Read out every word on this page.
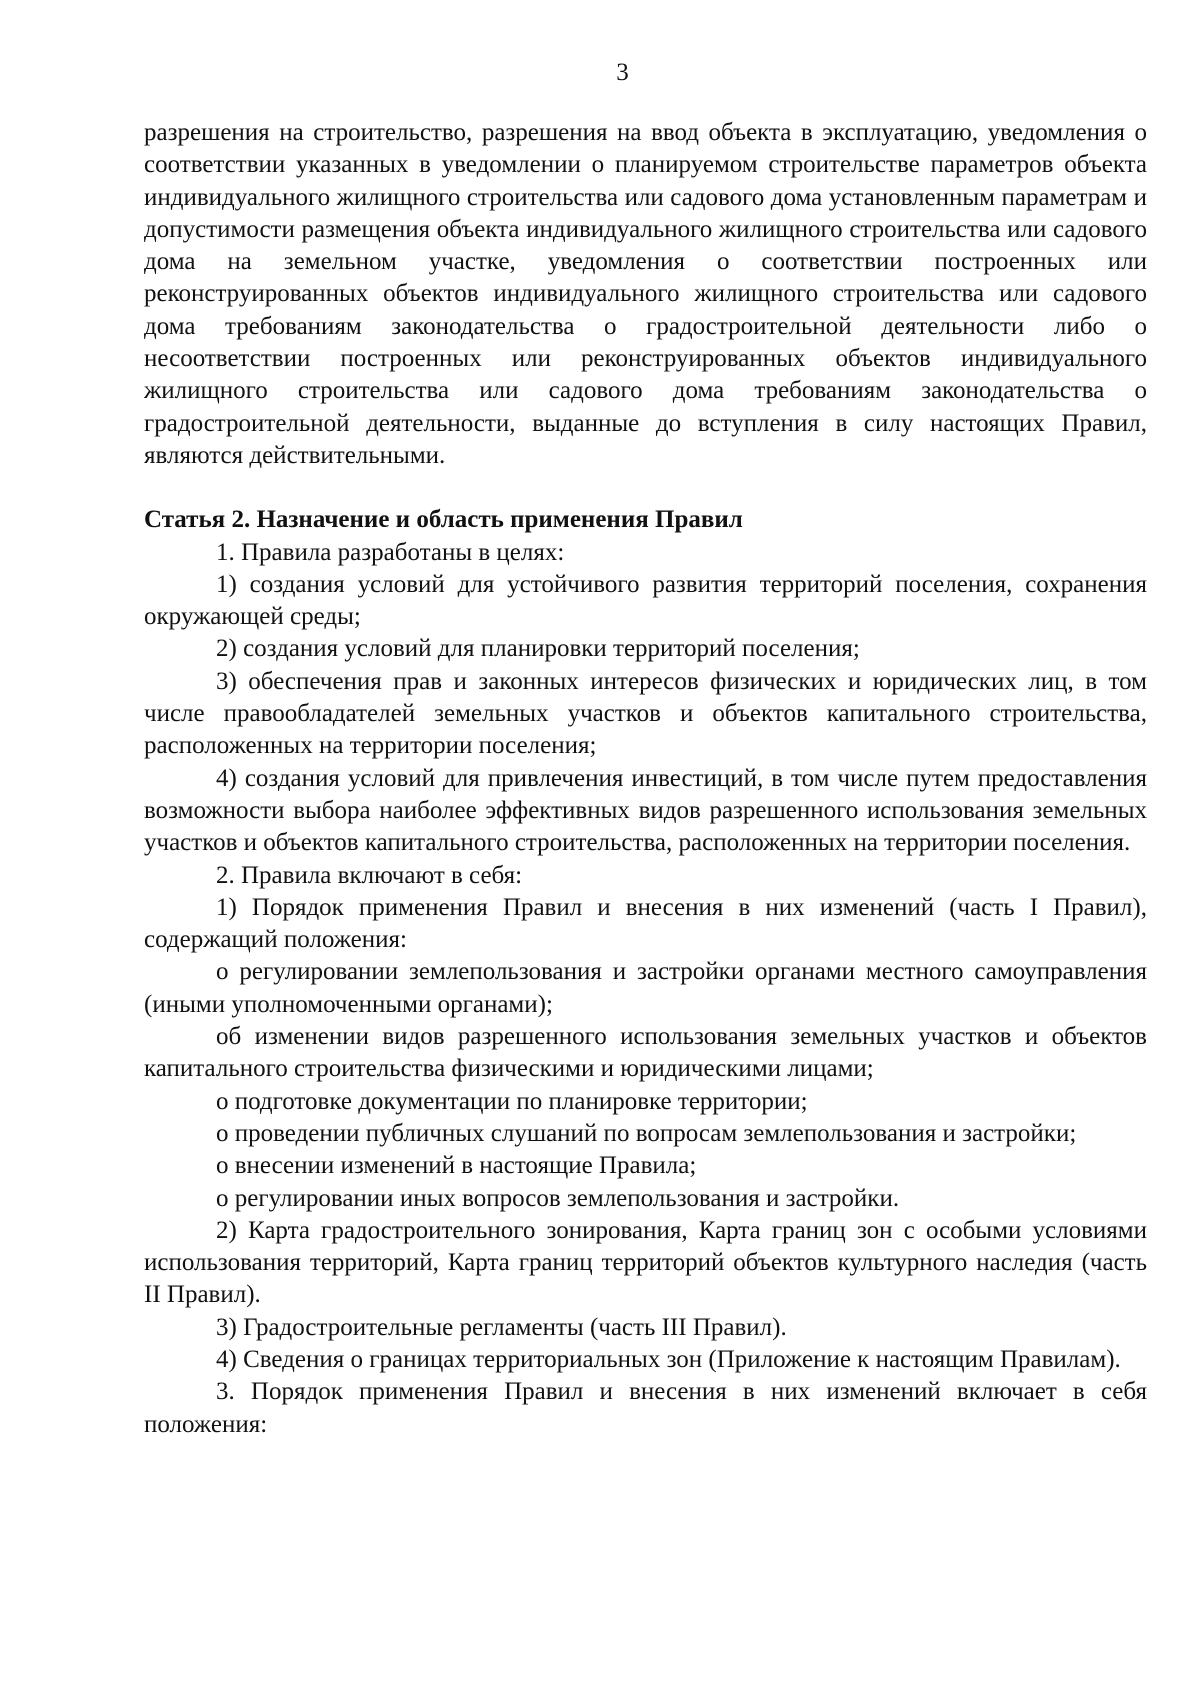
3

разрешения на строительство, разрешения на ввод объекта в эксплуатацию, уведомления о соответствии указанных в уведомлении о планируемом строительстве параметров объекта индивидуального жилищного строительства или садового дома установленным параметрам и допустимости размещения объекта индивидуального жилищного строительства или садового дома на земельном участке, уведомления о соответствии построенных или реконструированных объектов индивидуального жилищного строительства или садового дома требованиям законодательства о градостроительной деятельности либо о несоответствии построенных или реконструированных объектов индивидуального жилищного строительства или садового дома требованиям законодательства о градостроительной деятельности, выданные до вступления в силу настоящих Правил, являются действительными.

Статья 2. Назначение и область применения Правил

1. Правила разработаны в целях:

1) создания условий для устойчивого развития территорий поселения, сохранения окружающей среды;

2) создания условий для планировки территорий поселения;

3) обеспечения прав и законных интересов физических и юридических лиц, в том числе правообладателей земельных участков и объектов капитального строительства, расположенных на территории поселения;

4) создания условий для привлечения инвестиций, в том числе путем предоставления возможности выбора наиболее эффективных видов разрешенного использования земельных участков и объектов капитального строительства, расположенных на территории поселения.

2. Правила включают в себя:

1) Порядок применения Правил и внесения в них изменений (часть I Правил), содержащий положения:

о регулировании землепользования и застройки органами местного самоуправления (иными уполномоченными органами);

об изменении видов разрешенного использования земельных участков и объектов капитального строительства физическими и юридическими лицами;

о подготовке документации по планировке территории;

о проведении публичных слушаний по вопросам землепользования и застройки;

о внесении изменений в настоящие Правила;

о регулировании иных вопросов землепользования и застройки.

2) Карта градостроительного зонирования, Карта границ зон с особыми условиями использования территорий, Карта границ территорий объектов культурного наследия (часть II Правил).

3) Градостроительные регламенты (часть III Правил).

4) Сведения о границах территориальных зон (Приложение к настоящим Правилам).

3. Порядок применения Правил и внесения в них изменений включает в себя положения:
